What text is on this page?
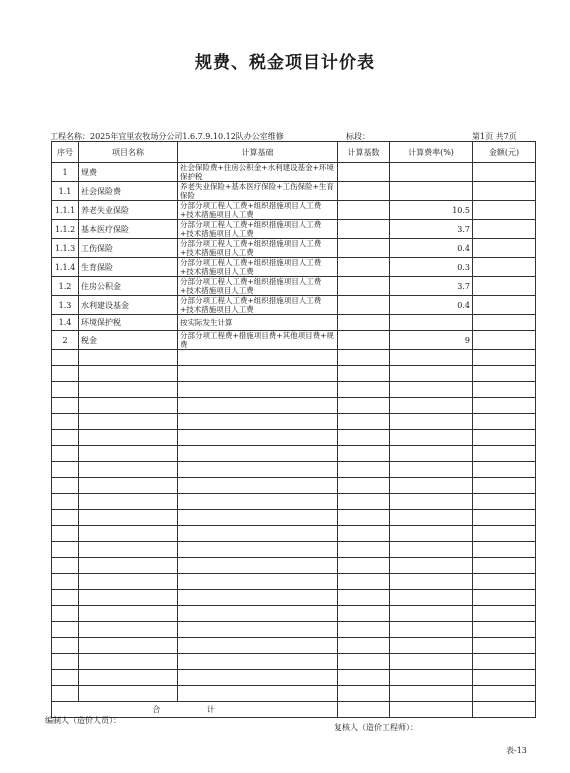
规费、税金项目计价表
工程名称：2025年宜里农牧场分公司1.6.7.9.10.12队办公室维修	标段：	第1页 共7页
序号	项目名称	计算基础	计算基数	计算费率(%)	金额(元)
1	规费	社会保险费+住房公积金+水利建设基金+环境保护税			
1.1	社会保险费	养老失业保险+基本医疗保险+工伤保险+生育保险			
1.1.1	养老失业保险	分部分项工程人工费+组织措施项目人工费+技术措施项目人工费		10.5	
1.1.2	基本医疗保险	分部分项工程人工费+组织措施项目人工费+技术措施项目人工费		3.7	
1.1.3	工伤保险	分部分项工程人工费+组织措施项目人工费+技术措施项目人工费		0.4	
1.1.4	生育保险	分部分项工程人工费+组织措施项目人工费+技术措施项目人工费		0.3	
1.2	住房公积金	分部分项工程人工费+组织措施项目人工费+技术措施项目人工费		3.7	
1.3	水利建设基金	分部分项工程人工费+组织措施项目人工费+技术措施项目人工费		0.4	
1.4	环境保护税	按实际发生计算			
2	税金	分部分项工程费+措施项目费+其他项目费+规费		9	

合 计					
编制人（造价人员）：
复核人（造价工程师）：
表-13
